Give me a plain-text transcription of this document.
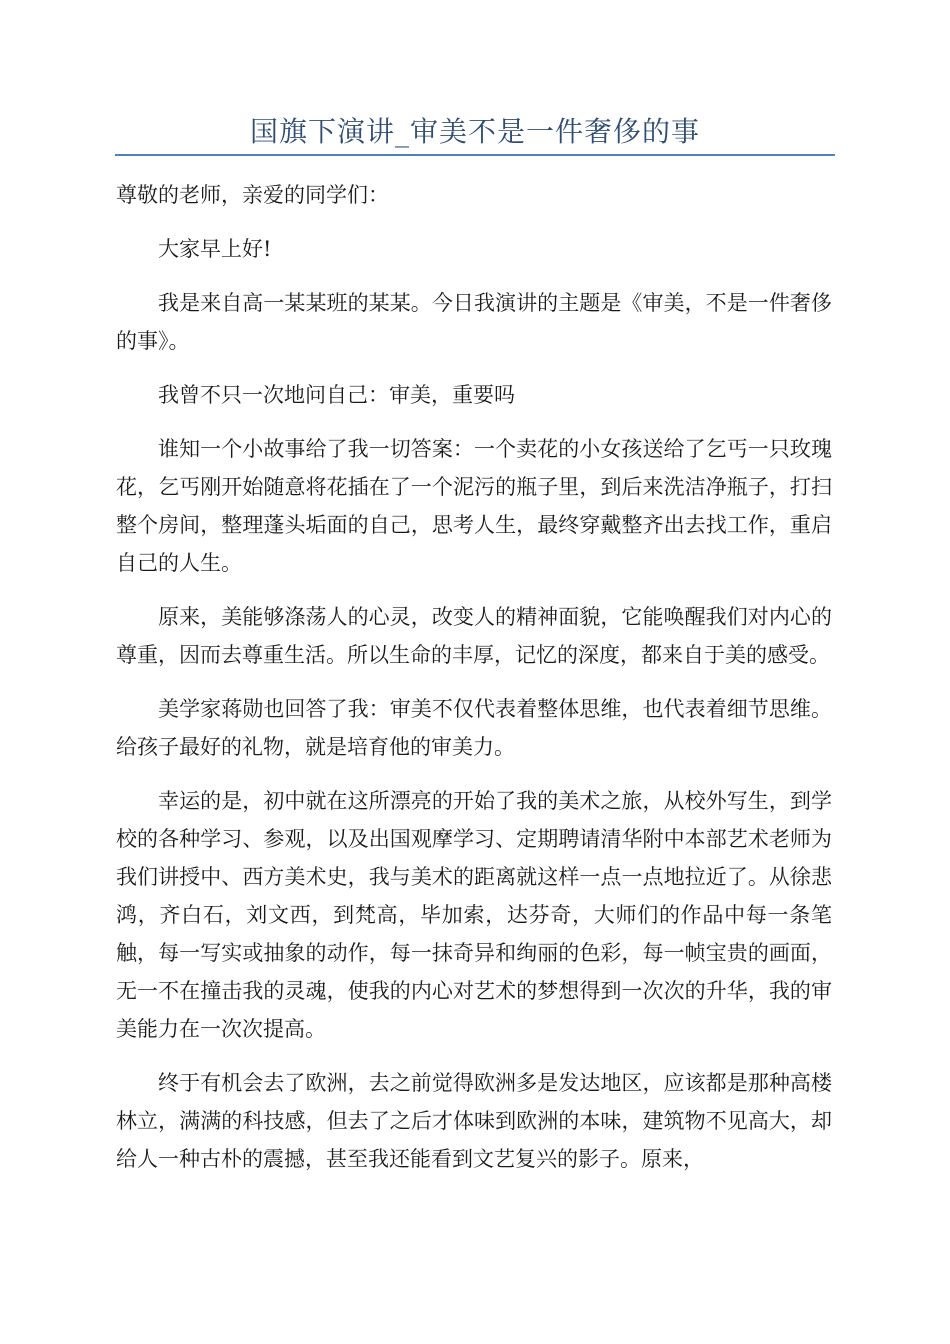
国旗下演讲_审美不是一件奢侈的事

尊敬的老师，亲爱的同学们：

大家早上好!

我是来自高一某某班的某某。今日我演讲的主题是《审美，不是一件奢侈的事》。

我曾不只一次地问自己：审美，重要吗

谁知一个小故事给了我一切答案：一个卖花的小女孩送给了乞丐一只玫瑰花，乞丐刚开始随意将花插在了一个泥污的瓶子里，到后来洗洁净瓶子，打扫整个房间，整理蓬头垢面的自己，思考人生，最终穿戴整齐出去找工作，重启自己的人生。

原来，美能够涤荡人的心灵，改变人的精神面貌，它能唤醒我们对内心的尊重，因而去尊重生活。所以生命的丰厚，记忆的深度，都来自于美的感受。

美学家蒋勋也回答了我：审美不仅代表着整体思维，也代表着细节思维。给孩子最好的礼物，就是培育他的审美力。

幸运的是，初中就在这所漂亮的开始了我的美术之旅，从校外写生，到学校的各种学习、参观，以及出国观摩学习、定期聘请清华附中本部艺术老师为我们讲授中、西方美术史，我与美术的距离就这样一点一点地拉近了。从徐悲鸿，齐白石，刘文西，到梵高，毕加索，达芬奇，大师们的作品中每一条笔触，每一写实或抽象的动作，每一抹奇异和绚丽的色彩，每一帧宝贵的画面，无一不在撞击我的灵魂，使我的内心对艺术的梦想得到一次次的升华，我的审美能力在一次次提高。

终于有机会去了欧洲，去之前觉得欧洲多是发达地区，应该都是那种高楼林立，满满的科技感，但去了之后才体味到欧洲的本味，建筑物不见高大，却给人一种古朴的震撼，甚至我还能看到文艺复兴的影子。原来，
